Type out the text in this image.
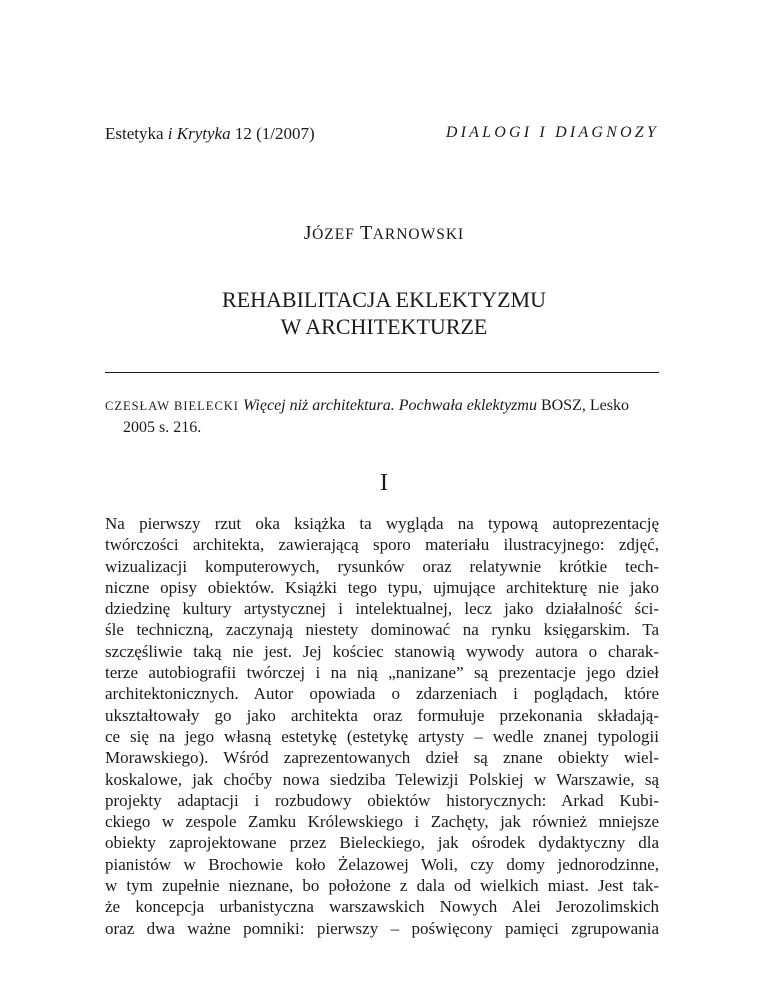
Estetyka i Krytyka 12 (1/2007)	DIALOGI I DIAGNOZY
JÓZEF TARNOWSKI
REHABILITACJA EKLEKTYZMU
W ARCHITEKTURZE
CZESŁAW BIELECKI Więcej niż architektura. Pochwała eklektyzmu BOSZ, Lesko
2005 s. 216.
I
Na pierwszy rzut oka książka ta wygląda na typową autoprezentację
twórczości architekta, zawierającą sporo materiału ilustracyjnego: zdjęć,
wizualizacji komputerowych, rysunków oraz relatywnie krótkie tech-
niczne opisy obiektów. Książki tego typu, ujmujące architekturę nie jako
dziedzinę kultury artystycznej i intelektualnej, lecz jako działalność ści-
śle techniczną, zaczynają niestety dominować na rynku księgarskim. Ta
szczęśliwie taką nie jest. Jej kościec stanowią wywody autora o charak-
terze autobiografii twórczej i na nią „nanizane” są prezentacje jego dzieł
architektonicznych. Autor opowiada o zdarzeniach i poglądach, które
ukształtowały go jako architekta oraz formułuje przekonania składają-
ce się na jego własną estetykę (estetykę artysty – wedle znanej typologii
Morawskiego). Wśród zaprezentowanych dzieł są znane obiekty wiel-
koskalowe, jak choćby nowa siedziba Telewizji Polskiej w Warszawie, są
projekty adaptacji i rozbudowy obiektów historycznych: Arkad Kubi-
ckiego w zespole Zamku Królewskiego i Zachęty, jak również mniejsze
obiekty zaprojektowane przez Bieleckiego, jak ośrodek dydaktyczny dla
pianistów w Brochowie koło Żelazowej Woli, czy domy jednorodzinne,
w tym zupełnie nieznane, bo położone z dala od wielkich miast. Jest tak-
że koncepcja urbanistyczna warszawskich Nowych Alei Jerozolimskich
oraz dwa ważne pomniki: pierwszy – poświęcony pamięci zgrupowania
